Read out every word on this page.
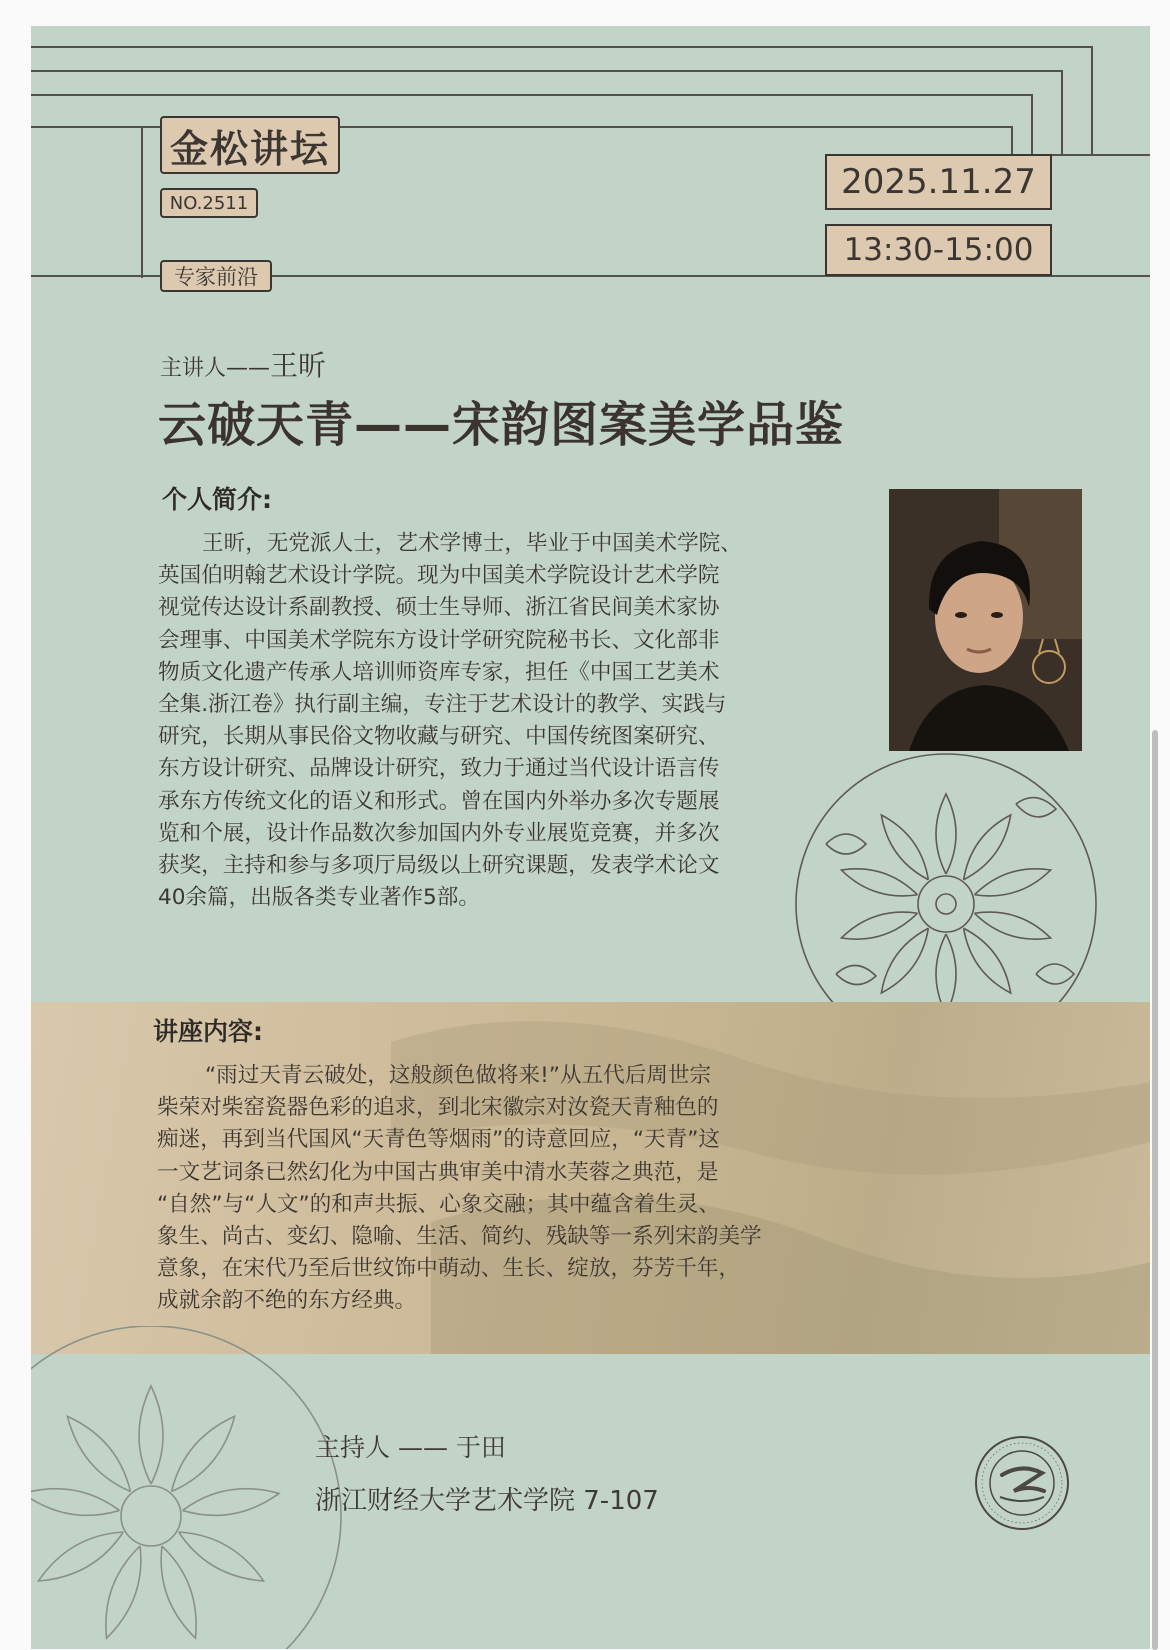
金松讲坛
NO.2511
专家前沿
2025.11.27
13:30-15:00
主讲人——王昕
云破天青——宋韵图案美学品鉴
个人简介:

王昕，无党派人士，艺术学博士，毕业于中国美术学院、

英国伯明翰艺术设计学院。现为中国美术学院设计艺术学院

视觉传达设计系副教授、硕士生导师、浙江省民间美术家协

会理事、中国美术学院东方设计学研究院秘书长、文化部非

物质文化遗产传承人培训师资库专家，担任《中国工艺美术

全集.浙江卷》执行副主编，专注于艺术设计的教学、实践与

研究，长期从事民俗文物收藏与研究、中国传统图案研究、

东方设计研究、品牌设计研究，致力于通过当代设计语言传

承东方传统文化的语义和形式。曾在国内外举办多次专题展

览和个展，设计作品数次参加国内外专业展览竞赛，并多次

获奖，主持和参与多项厅局级以上研究课题，发表学术论文

40余篇，出版各类专业著作5部。

讲座内容:

“雨过天青云破处，这般颜色做将来!”从五代后周世宗

柴荣对柴窑瓷器色彩的追求，到北宋徽宗对汝瓷天青釉色的

痴迷，再到当代国风“天青色等烟雨”的诗意回应，“天青”这

一文艺词条已然幻化为中国古典审美中清水芙蓉之典范，是

“自然”与“人文”的和声共振、心象交融；其中蕴含着生灵、

象生、尚古、变幻、隐喻、生活、简约、残缺等一系列宋韵美学

意象，在宋代乃至后世纹饰中萌动、生长、绽放，芬芳千年，

成就余韵不绝的东方经典。

主持人 —— 于田
浙江财经大学艺术学院 7-107
